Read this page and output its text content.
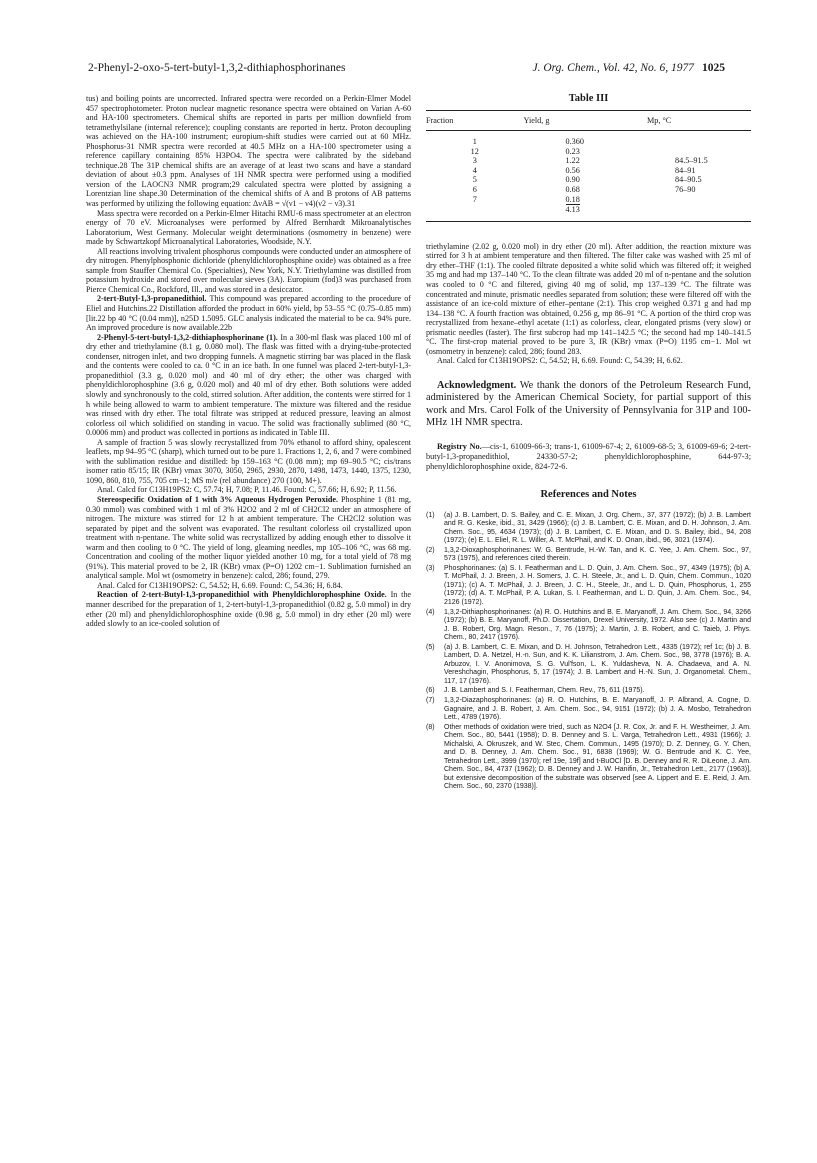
2-Phenyl-2-oxo-5-tert-butyl-1,3,2-dithiaphosphorinanes	J. Org. Chem., Vol. 42, No. 6, 1977 1025

tus) and boiling points are uncorrected. Infrared spectra were recorded on a Perkin-Elmer Model 457 spectrophotometer. Proton nuclear magnetic resonance spectra were obtained on Varian A-60 and HA-100 spectrometers. Chemical shifts are reported in parts per million downfield from tetramethylsilane (internal reference); coupling constants are reported in hertz. Proton decoupling was achieved on the HA-100 instrument; europium-shift studies were carried out at 60 MHz. Phosphorus-31 NMR spectra were recorded at 40.5 MHz on a HA-100 spectrometer using a reference capillary containing 85% H3PO4. The spectra were calibrated by the sideband technique.28 The 31P chemical shifts are an average of at least two scans and have a standard deviation of about ±0.3 ppm. Analyses of 1H NMR spectra were performed using a modified version of the LAOCN3 NMR program;29 calculated spectra were plotted by assigning a Lorentzian line shape.30 Determination of the chemical shifts of A and B protons of AB patterns was performed by utilizing the following equation: ΔνAB = √(ν1 − ν4)(ν2 − ν3).31

Mass spectra were recorded on a Perkin-Elmer Hitachi RMU-6 mass spectrometer at an electron energy of 70 eV. Microanalyses were performed by Alfred Bernhardt Mikroanalytisches Laboratorium, West Germany. Molecular weight determinations (osmometry in benzene) were made by Schwartzkopf Microanalytical Laboratories, Woodside, N.Y.

All reactions involving trivalent phosphorus compounds were conducted under an atmosphere of dry nitrogen. Phenylphosphonic dichloride (phenyldichlorophosphine oxide) was obtained as a free sample from Stauffer Chemical Co. (Specialties), New York, N.Y. Triethylamine was distilled from potassium hydroxide and stored over molecular sieves (3A). Europium (fod)3 was purchased from Pierce Chemical Co., Rockford, Ill., and was stored in a desiccator.

2-tert-Butyl-1,3-propanedithiol. This compound was prepared according to the procedure of Eliel and Hutchins.22 Distillation afforded the product in 60% yield, bp 53–55 °C (0.75–0.85 mm) [lit.22 bp 40 °C (0.04 mm)], n25D 1.5095. GLC analysis indicated the material to be ca. 94% pure. An improved procedure is now available.22b

2-Phenyl-5-tert-butyl-1,3,2-dithiaphosphorinane (1). In a 300-ml flask was placed 100 ml of dry ether and triethylamine (8.1 g, 0.080 mol). The flask was fitted with a drying-tube-protected condenser, nitrogen inlet, and two dropping funnels. A magnetic stirring bar was placed in the flask and the contents were cooled to ca. 0 °C in an ice bath. In one funnel was placed 2-tert-butyl-1,3-propanedithiol (3.3 g, 0.020 mol) and 40 ml of dry ether; the other was charged with phenyldichlorophosphine (3.6 g, 0.020 mol) and 40 ml of dry ether. Both solutions were added slowly and synchronously to the cold, stirred solution. After addition, the contents were stirred for 1 h while being allowed to warm to ambient temperature. The mixture was filtered and the residue was rinsed with dry ether. The total filtrate was stripped at reduced pressure, leaving an almost colorless oil which solidified on standing in vacuo. The solid was fractionally sublimed (80 °C, 0.0006 mm) and product was collected in portions as indicated in Table III.

A sample of fraction 5 was slowly recrystallized from 70% ethanol to afford shiny, opalescent leaflets, mp 94–95 °C (sharp), which turned out to be pure 1. Fractions 1, 2, 6, and 7 were combined with the sublimation residue and distilled: bp 159–163 °C (0.08 mm); mp 69–90.5 °C; cis/trans isomer ratio 85/15; IR (KBr) νmax 3070, 3050, 2965, 2930, 2870, 1498, 1473, 1440, 1375, 1230, 1090, 860, 810, 755, 705 cm−1; MS m/e (rel abundance) 270 (100, M+).

Anal. Calcd for C13H19PS2: C, 57.74; H, 7.08; P, 11.46. Found: C, 57.66; H, 6.92; P, 11.56.

Stereospecific Oxidation of 1 with 3% Aqueous Hydrogen Peroxide. Phosphine 1 (81 mg, 0.30 mmol) was combined with 1 ml of 3% H2O2 and 2 ml of CH2Cl2 under an atmosphere of nitrogen. The mixture was stirred for 12 h at ambient temperature. The CH2Cl2 solution was separated by pipet and the solvent was evaporated. The resultant colorless oil crystallized upon treatment with n-pentane. The white solid was recrystallized by adding enough ether to dissolve it warm and then cooling to 0 °C. The yield of long, gleaming needles, mp 105–106 °C, was 68 mg. Concentration and cooling of the mother liquor yielded another 10 mg, for a total yield of 78 mg (91%). This material proved to be 2, IR (KBr) νmax (P=O) 1202 cm−1. Sublimation furnished an analytical sample. Mol wt (osmometry in benzene): calcd, 286; found, 279.

Anal. Calcd for C13H19OPS2: C, 54.52; H, 6.69. Found: C, 54.36; H, 6.84.

Reaction of 2-tert-Butyl-1,3-propanedithiol with Phenyldichlorophosphine Oxide. In the manner described for the preparation of 1, 2-tert-butyl-1,3-propanedithiol (0.82 g, 5.0 mmol) in dry ether (20 ml) and phenyldichlorophosphine oxide (0.98 g, 5.0 mmol) in dry ether (20 ml) were added slowly to an ice-cooled solution of

Table III
Fraction	Yield, g	Mp, °C

1	0.360	
12	0.23	
3	1.22	84.5–91.5
4	0.56	84–91
5	0.90	84–90.5
6	0.68	76–90
7	0.18	
	4.13	

triethylamine (2.02 g, 0.020 mol) in dry ether (20 ml). After addition, the reaction mixture was stirred for 3 h at ambient temperature and then filtered. The filter cake was washed with 25 ml of dry ether–THF (1:1). The cooled filtrate deposited a white solid which was filtered off; it weighed 35 mg and had mp 137–140 °C. To the clean filtrate was added 20 ml of n-pentane and the solution was cooled to 0 °C and filtered, giving 40 mg of solid, mp 137–139 °C. The filtrate was concentrated and minute, prismatic needles separated from solution; these were filtered off with the assistance of an ice-cold mixture of ether–pentane (2:1). This crop weighed 0.371 g and had mp 134–138 °C. A fourth fraction was obtained, 0.256 g, mp 86–91 °C. A portion of the third crop was recrystallized from hexane–ethyl acetate (1:1) as colorless, clear, elongated prisms (very slow) or prismatic needles (faster). The first subcrop had mp 141–142.5 °C; the second had mp 140–141.5 °C. The first-crop material proved to be pure 3, IR (KBr) νmax (P=O) 1195 cm−1. Mol wt (osmometry in benzene): calcd, 286; found 283.

Anal. Calcd for C13H19OPS2: C, 54.52; H, 6.69. Found: C, 54.39; H, 6.62.

Acknowledgment. We thank the donors of the Petroleum Research Fund, administered by the American Chemical Society, for partial support of this work and Mrs. Carol Folk of the University of Pennsylvania for 31P and 100-MHz 1H NMR spectra.

Registry No.—cis-1, 61009-66-3; trans-1, 61009-67-4; 2, 61009-68-5; 3, 61009-69-6; 2-tert-butyl-1,3-propanedithiol, 24330-57-2; phenyldichlorophosphine, 644-97-3; phenyldichlorophosphine oxide, 824-72-6.

References and Notes
(1)	(a) J. B. Lambert, D. S. Bailey, and C. E. Mixan, J. Org. Chem., 37, 377 (1972); (b) J. B. Lambert and R. G. Keske, ibid., 31, 3429 (1966); (c) J. B. Lambert, C. E. Mixan, and D. H. Johnson, J. Am. Chem. Soc., 95, 4634 (1973); (d) J. B. Lambert, C. E. Mixan, and D. S. Bailey, ibid., 94, 208 (1972); (e) E. L. Eliel, R. L. Willer, A. T. McPhail, and K. D. Onan, ibid., 96, 3021 (1974).
(2)	1,3,2-Dioxaphosphorinanes: W. G. Bentrude, H.-W. Tan, and K. C. Yee, J. Am. Chem. Soc., 97, 573 (1975), and references cited therein.
(3)	Phosphorinanes: (a) S. I. Featherman and L. D. Quin, J. Am. Chem. Soc., 97, 4349 (1975); (b) A. T. McPhail, J. J. Breen, J. H. Somers, J. C. H. Steele, Jr., and L. D. Quin, Chem. Commun., 1020 (1971); (c) A. T. McPhail, J. J. Breen, J. C. H., Steele, Jr., and L. D. Quin, Phosphorus, 1, 255 (1972); (d) A. T. McPhail, P. A. Lukan, S. I. Featherman, and L. D. Quin, J. Am. Chem. Soc., 94, 2126 (1972).
(4)	1,3,2-Dithiaphosphorinanes: (a) R. O. Hutchins and B. E. Maryanoff, J. Am. Chem. Soc., 94, 3266 (1972); (b) B. E. Maryanoff, Ph.D. Dissertation, Drexel University, 1972. Also see (c) J. Martin and J. B. Robert, Org. Magn. Reson., 7, 76 (1975); J. Martin, J. B. Robert, and C. Taieb, J. Phys. Chem., 80, 2417 (1976).
(5)	(a) J. B. Lambert, C. E. Mixan, and D. H. Johnson, Tetrahedron Lett., 4335 (1972); ref 1c; (b) J. B. Lambert, D. A. Netzel, H.-n. Sun, and K. K. Lilianstrom, J. Am. Chem. Soc., 98, 3778 (1976); B. A. Arbuzov, I. V. Anonimova, S. G. Vul'fson, L. K. Yuldasheva, N. A. Chadaeva, and A. N. Vereshchagin, Phosphorus, 5, 17 (1974); J. B. Lambert and H.-N. Sun, J. Organometal. Chem., 117, 17 (1976).
(6)	J. B. Lambert and S. I. Featherman, Chem. Rev., 75, 611 (1975).
(7)	1,3,2-Diazaphosphorinanes: (a) R. O. Hutchins, B. E. Maryanoff, J. P. Albrand, A. Cogne, D. Gagnaire, and J. B. Robert, J. Am. Chem. Soc., 94, 9151 (1972); (b) J. A. Mosbo, Tetrahedron Lett., 4789 (1976).
(8)	Other methods of oxidation were tried, such as N2O4 [J. R. Cox, Jr. and F. H. Westheimer, J. Am. Chem. Soc., 80, 5441 (1958); D. B. Denney and S. L. Varga, Tetrahedron Lett., 4931 (1966); J. Michalski, A. Okruszek, and W. Stec, Chem. Commun., 1495 (1970); D. Z. Denney, G. Y. Chen, and D. B. Denney, J. Am. Chem. Soc., 91, 6838 (1969); W. G. Bentrude and K. C. Yee, Tetrahedron Lett., 3999 (1970); ref 19e, 19f] and t-BuOCl [D. B. Denney and R. R. DiLeone, J. Am. Chem. Soc., 84, 4737 (1962); D. B. Denney and J. W. Hanifin, Jr., Tetrahedron Lett., 2177 (1963)], but extensive decomposition of the substrate was observed [see A. Lippert and E. E. Reid, J. Am. Chem. Soc., 60, 2370 (1938)].
